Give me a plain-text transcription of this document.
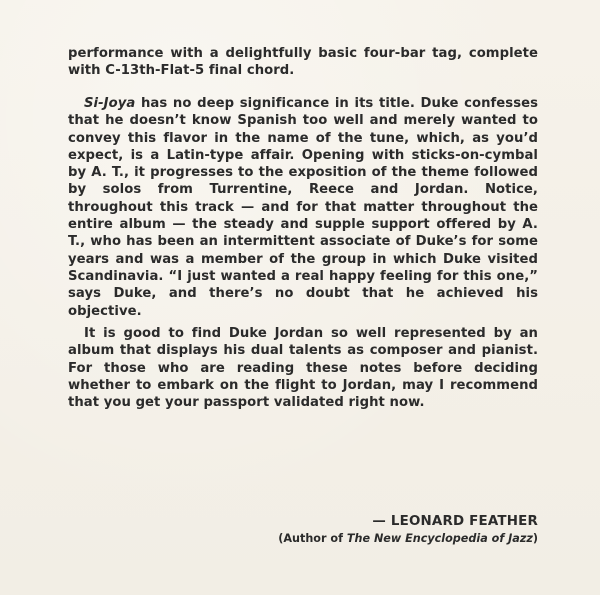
performance with a delightfully basic four-bar tag, complete with C-13th-Flat-5 final chord.

Si-Joya has no deep significance in its title. Duke confesses that he doesn’t know Spanish too well and merely wanted to convey this flavor in the name of the tune, which, as you’d expect, is a Latin-type affair. Opening with sticks-on-cymbal by A. T., it progresses to the exposition of the theme followed by solos from Turrentine, Reece and Jordan. Notice, throughout this track — and for that matter throughout the entire album — the steady and supple support offered by A. T., who has been an intermittent associate of Duke’s for some years and was a member of the group in which Duke visited Scandinavia. “I just wanted a real happy feeling for this one,” says Duke, and there’s no doubt that he achieved his objective.

It is good to find Duke Jordan so well represented by an album that displays his dual talents as composer and pianist. For those who are reading these notes before deciding whether to embark on the flight to Jordan, may I recommend that you get your passport validated right now.

— LEONARD FEATHER
(Author of The New Encyclopedia of Jazz)
